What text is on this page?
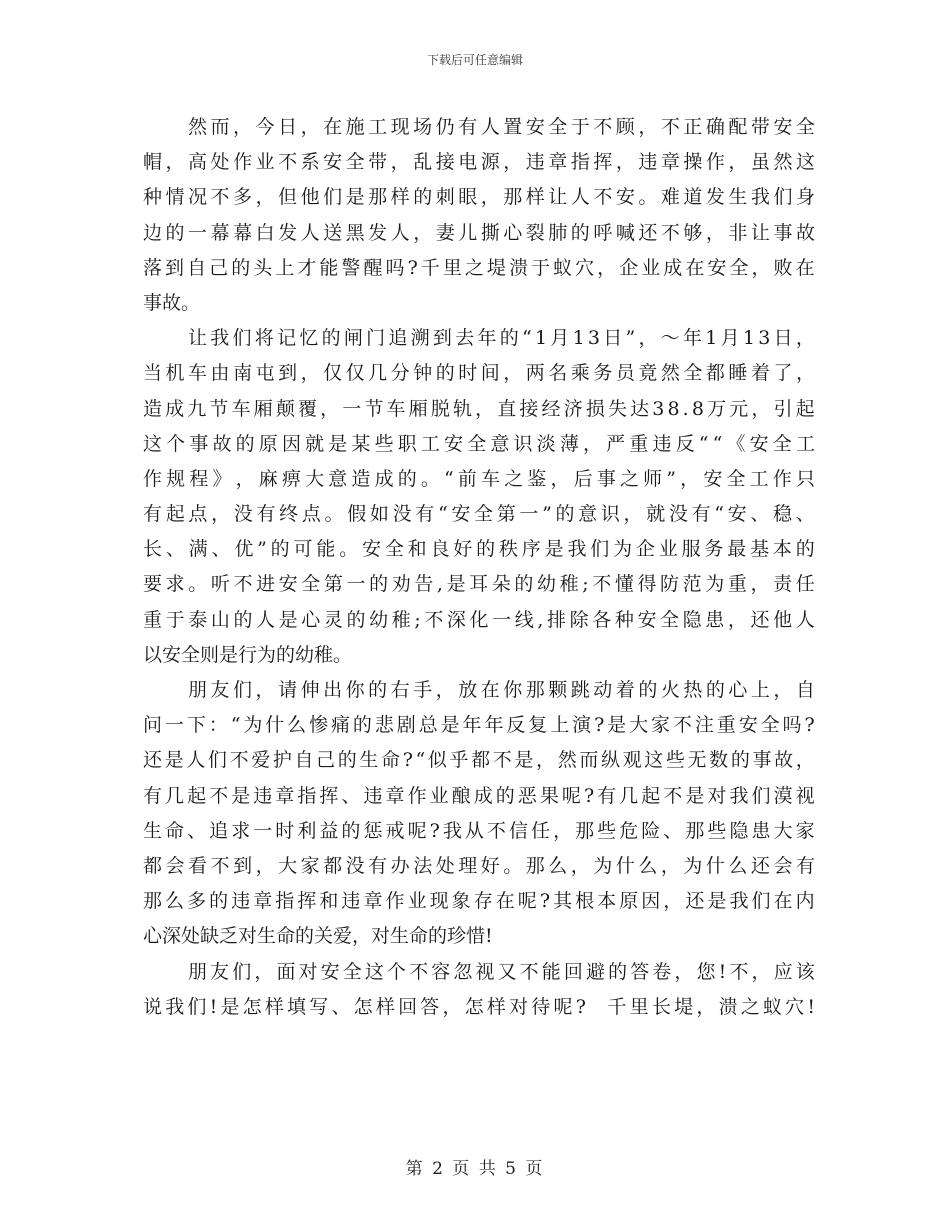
下载后可任意编辑
然 而 ， 今 日 ， 在 施 工 现 场 仍 有 人 置 安 全 于 不 顾 ， 不 正 确 配 带 安 全
帽 ， 高 处 作 业 不 系 安 全 带 ， 乱 接 电 源 ， 违 章 指 挥 ， 违 章 操 作 ， 虽 然 这
种 情 况 不 多 ， 但 他 们 是 那 样 的 刺 眼 ， 那 样 让 人 不 安 。 难 道 发 生 我 们 身
边 的 一 幕 幕 白 发 人 送 黑 发 人 ， 妻 儿 撕 心 裂 肺 的 呼 喊 还 不 够 ， 非 让 事 故
落 到 自 己 的 头 上 才 能 警 醒 吗 ? 千 里 之 堤 溃 于 蚁 穴 ， 企 业 成 在 安 全 ， 败 在
事故。
让 我 们 将 记 忆 的 闸 门 追 溯 到 去 年 的 “ 1 月 1 3 日 ” ， ～ 年 1 月 1 3 日 ，
当 机 车 由 南 屯 到 ， 仅 仅 几 分 钟 的 时 间 ， 两 名 乘 务 员 竟 然 全 都 睡 着 了 ，
造 成 九 节 车 厢 颠 覆 ， 一 节 车 厢 脱 轨 ， 直 接 经 济 损 失 达 3 8 . 8 万 元 ， 引 起
这 个 事 故 的 原 因 就 是 某 些 职 工 安 全 意 识 淡 薄 ， 严 重 违 反 “ “ 《 安 全 工
作 规 程 》 ， 麻 痹 大 意 造 成 的 。 “ 前 车 之 鉴 ， 后 事 之 师 ” ， 安 全 工 作 只
有 起 点 ， 没 有 终 点 。 假 如 没 有 “ 安 全 第 一 ” 的 意 识 ， 就 没 有 “ 安 、 稳 、
长 、 满 、 优 ” 的 可 能 。 安 全 和 良 好 的 秩 序 是 我 们 为 企 业 服 务 最 基 本 的
要 求 。 听 不 进 安 全 第 一 的 劝 告 , 是 耳 朵 的 幼 稚 ; 不 懂 得 防 范 为 重 ， 责 任
重 于 泰 山 的 人 是 心 灵 的 幼 稚 ; 不 深 化 一 线 , 排 除 各 种 安 全 隐 患 ， 还 他 人
以安全则是行为的幼稚。
朋 友 们 ， 请 伸 出 你 的 右 手 ， 放 在 你 那 颗 跳 动 着 的 火 热 的 心 上 ， 自
问 一 下 ： “ 为 什 么 惨 痛 的 悲 剧 总 是 年 年 反 复 上 演 ? 是 大 家 不 注 重 安 全 吗 ?
还 是 人 们 不 爱 护 自 己 的 生 命 ? “ 似 乎 都 不 是 ， 然 而 纵 观 这 些 无 数 的 事 故 ，
有 几 起 不 是 违 章 指 挥 、 违 章 作 业 酿 成 的 恶 果 呢 ? 有 几 起 不 是 对 我 们 漠 视
生 命 、 追 求 一 时 利 益 的 惩 戒 呢 ? 我 从 不 信 任 ， 那 些 危 险 、 那 些 隐 患 大 家
都 会 看 不 到 ， 大 家 都 没 有 办 法 处 理 好 。 那 么 ， 为 什 么 ， 为 什 么 还 会 有
那 么 多 的 违 章 指 挥 和 违 章 作 业 现 象 存 在 呢 ? 其 根 本 原 因 ， 还 是 我 们 在 内
心深处缺乏对生命的关爱，对生命的珍惜!
朋 友 们 ， 面 对 安 全 这 个 不 容 忽 视 又 不 能 回 避 的 答 卷 ， 您 ! 不 ， 应 该
说 我 们 ! 是 怎 样 填 写 、 怎 样 回 答 ， 怎 样 对 待 呢 ?

千 里 长 堤 ， 溃 之 蚁 穴 !
第 2 页 共 5 页
